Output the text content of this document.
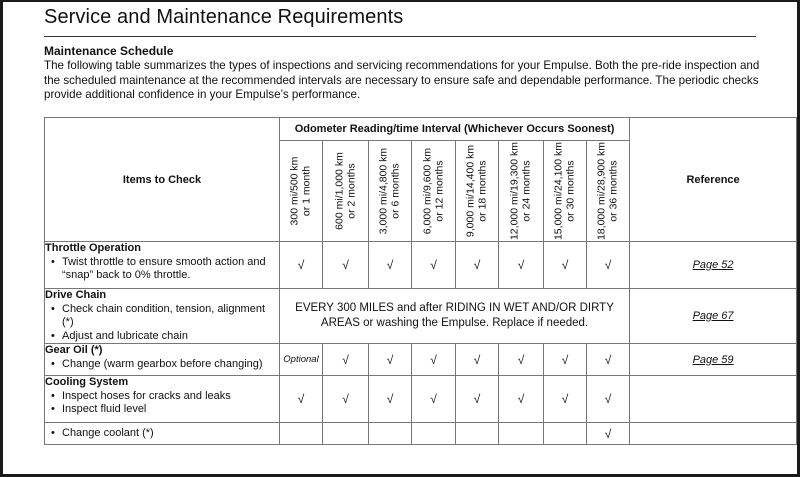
Service and Maintenance Requirements
Maintenance Schedule
The following table summarizes the types of inspections and servicing recommendations for your Empulse. Both the pre-ride inspection and the scheduled maintenance at the recommended intervals are necessary to ensure safe and dependable performance. The periodic checks provide additional confidence in your Empulse’s performance.
Items to Check	Odometer Reading/time Interval (Whichever Occurs Soonest)								Reference

	300 mi/500 km or 1 month	600 mi/1,000 km or 2 months	3,000 mi/4,800 km or 6 months	6,000 mi/9,600 km or 12 months	9,000 mi/14,400 km or 18 months	12,000 mi/19,300 km or 24 months	15,000 mi/24,100 km or 30 months	18,000 mi/28,900 km or 36 months	

Throttle Operation
• Twist throttle to ensure smooth action and “snap” back to 0% throttle.	√	√	√	√	√	√	√	√	Page 52

Drive Chain
• Check chain condition, tension, alignment (*)
• Adjust and lubricate chain	EVERY 300 MILES and after RIDING IN WET AND/OR DIRTY AREAS or washing the Empulse. Replace if needed.								Page 67

Gear Oil (*)
• Change (warm gearbox before changing)	Optional	√	√	√	√	√	√	√	Page 59

Cooling System
• Inspect hoses for cracks and leaks
• Inspect fluid level	√	√	√	√	√	√	√	√	

• Change coolant (*)								√	
